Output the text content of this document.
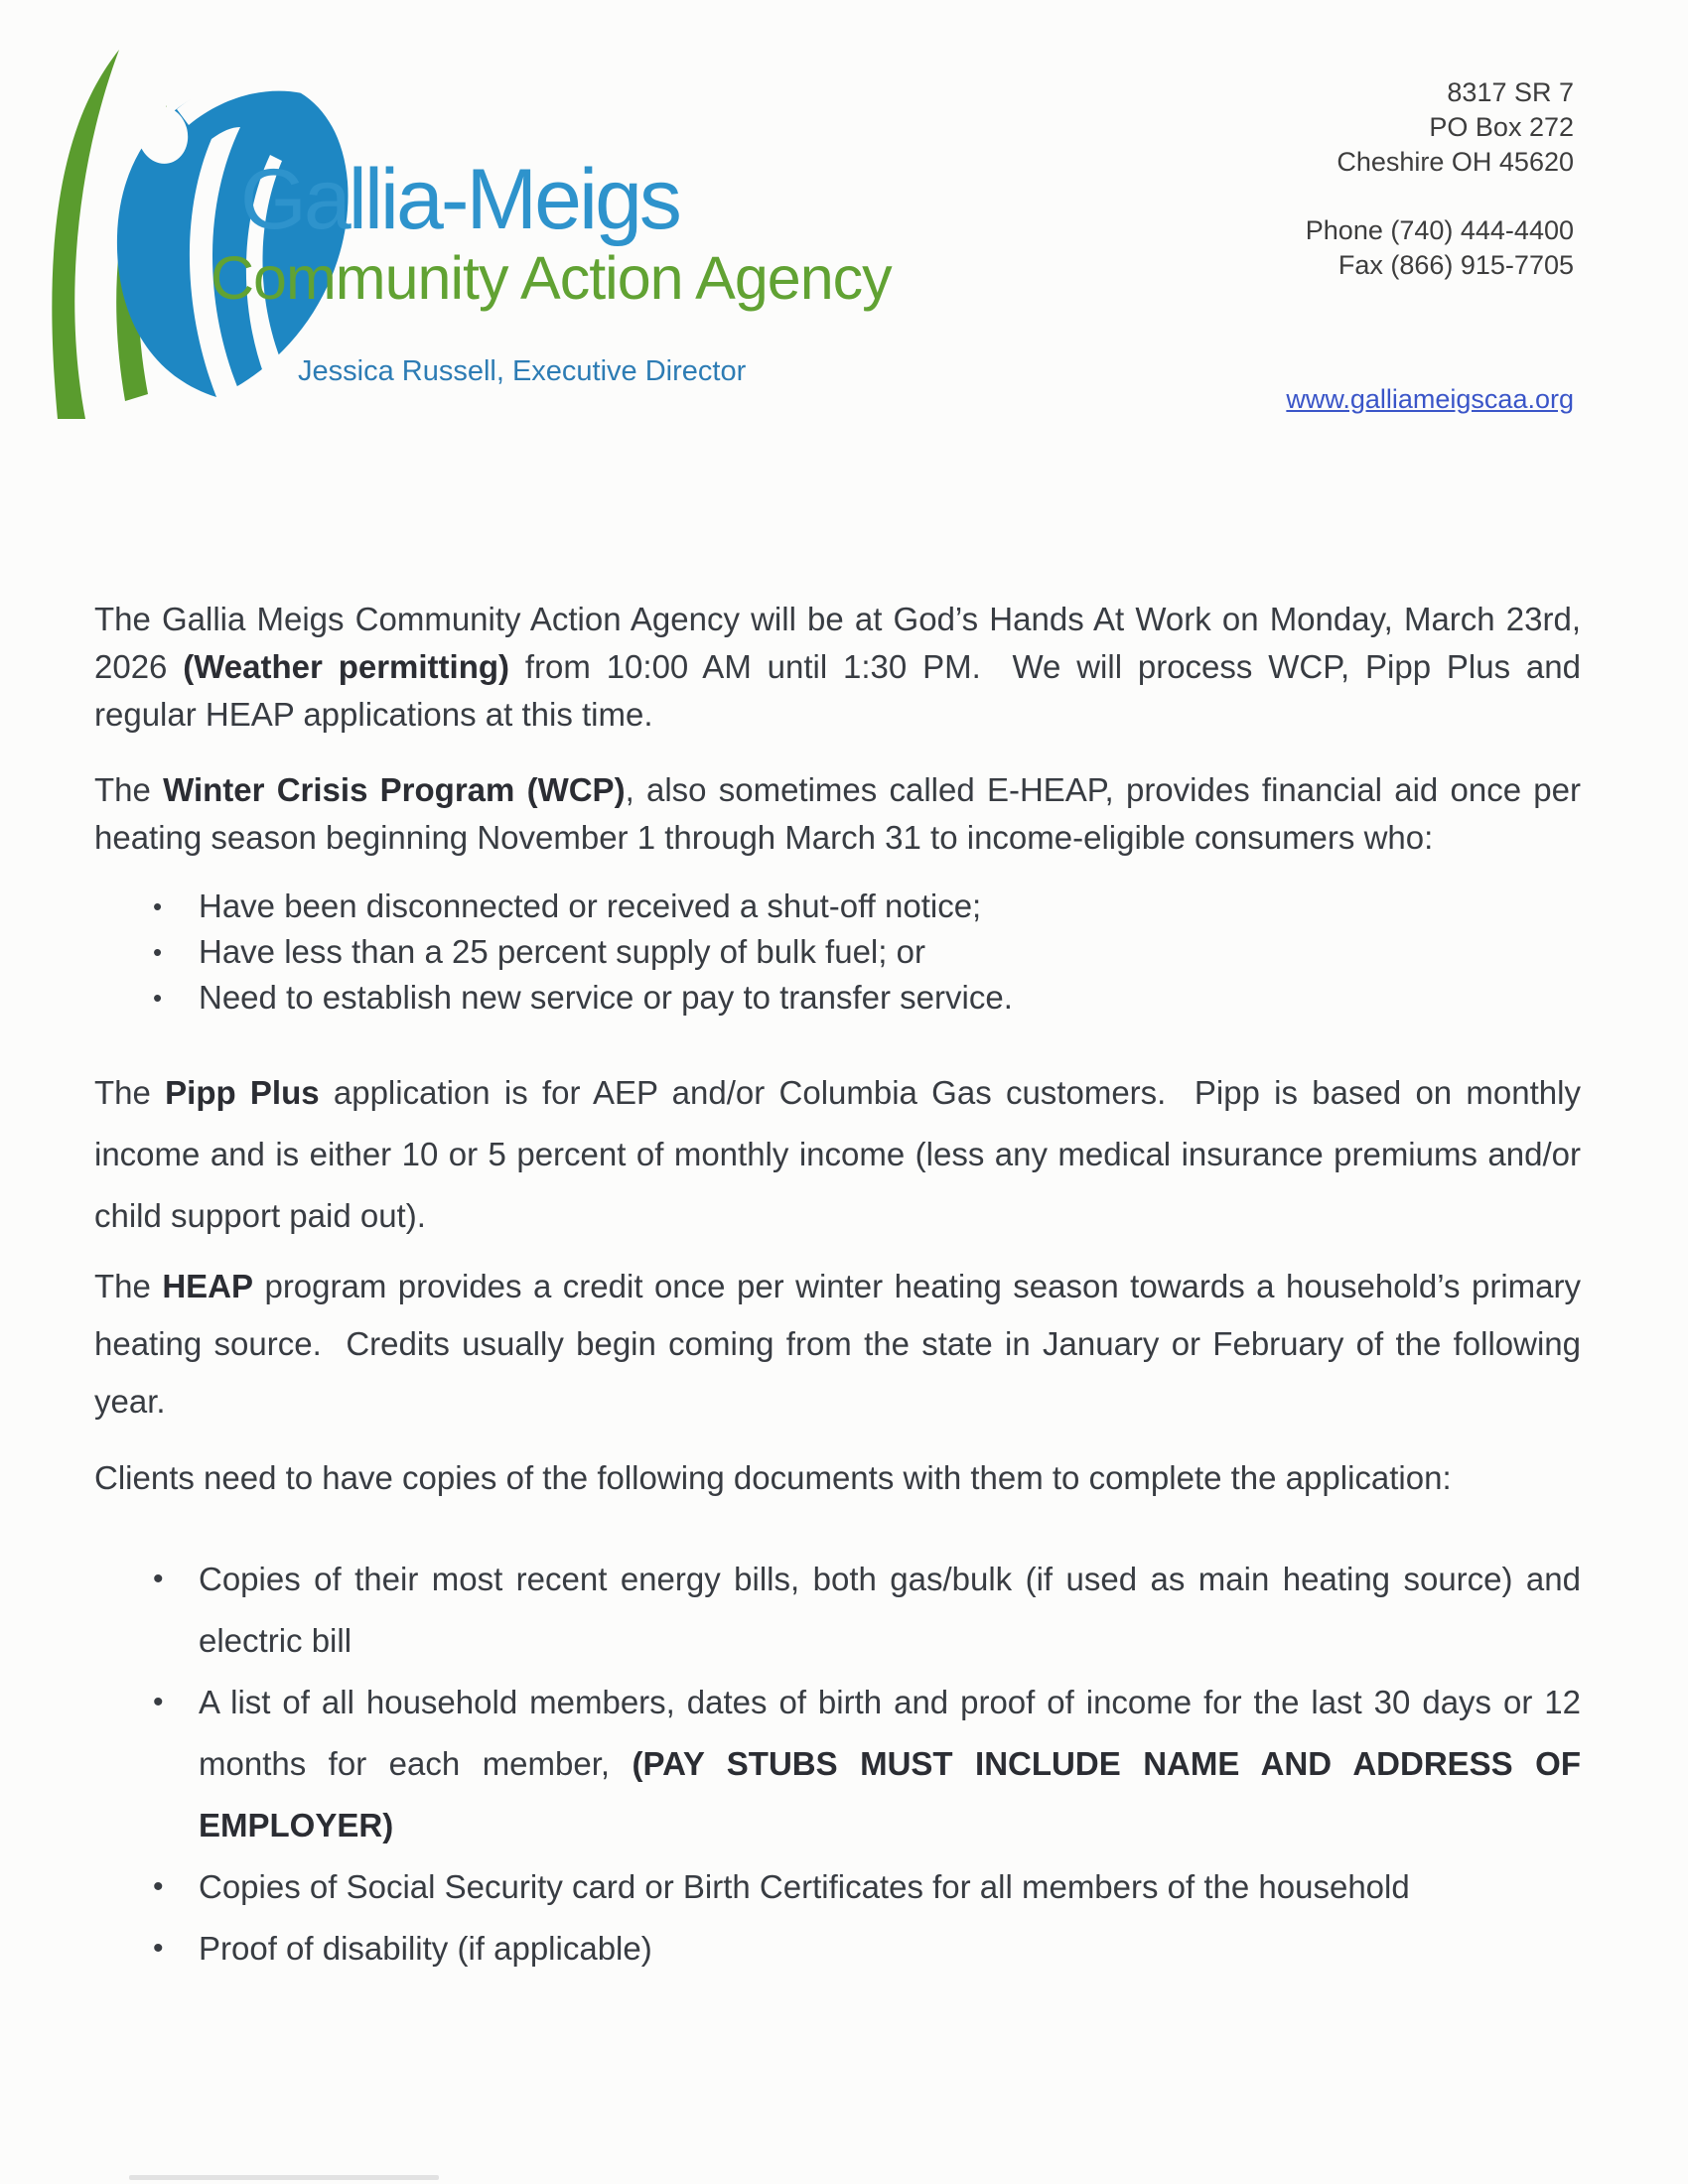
Gallia-Meigs
Community Action Agency
Jessica Russell, Executive Director
8317 SR 7
PO Box 272
Cheshire OH 45620
Phone (740) 444-4400
Fax (866) 915-7705
www.galliameigscaa.org

The Gallia Meigs Community Action Agency will be at God’s Hands At Work on Monday, March 23rd, 2026 (Weather permitting) from 10:00 AM until 1:30 PM.  We will process WCP, Pipp Plus and regular HEAP applications at this time.

The Winter Crisis Program (WCP), also sometimes called E-HEAP, provides financial aid once per heating season beginning November 1 through March 31 to income-eligible consumers who:

• Have been disconnected or received a shut-off notice;
• Have less than a 25 percent supply of bulk fuel; or
• Need to establish new service or pay to transfer service.

The Pipp Plus application is for AEP and/or Columbia Gas customers.  Pipp is based on monthly income and is either 10 or 5 percent of monthly income (less any medical insurance premiums and/or child support paid out).

The HEAP program provides a credit once per winter heating season towards a household’s primary heating source.  Credits usually begin coming from the state in January or February of the following year.

Clients need to have copies of the following documents with them to complete the application:

• Copies of their most recent energy bills, both gas/bulk (if used as main heating source) and electric bill
• A list of all household members, dates of birth and proof of income for the last 30 days or 12 months for each member, (PAY STUBS MUST INCLUDE NAME AND ADDRESS OF EMPLOYER)
• Copies of Social Security card or Birth Certificates for all members of the household
• Proof of disability (if applicable)
